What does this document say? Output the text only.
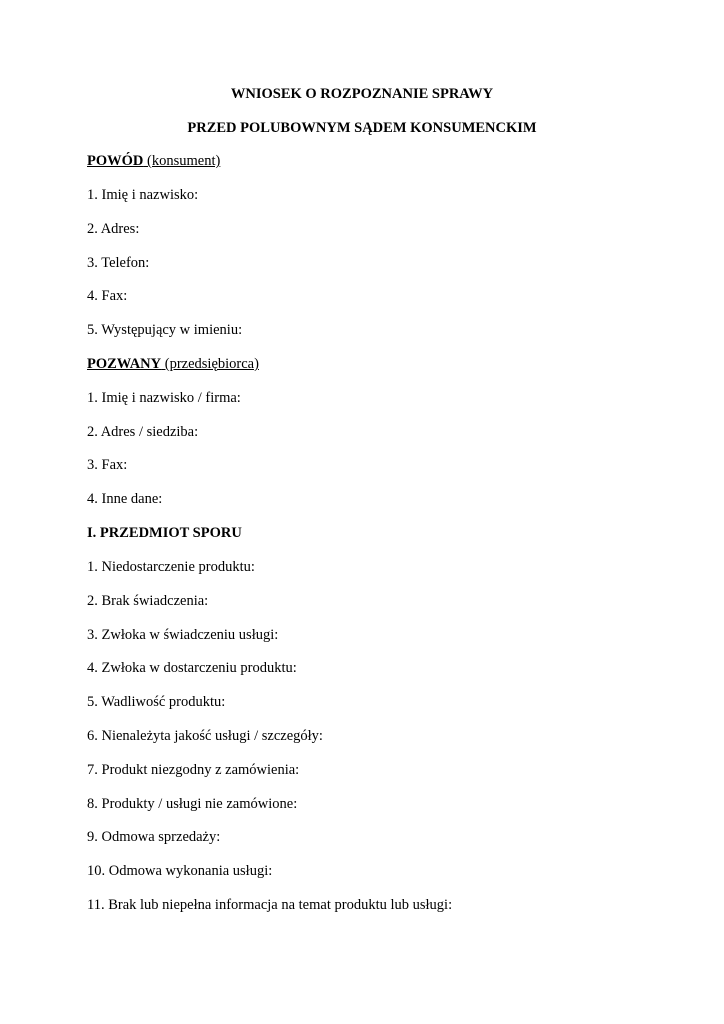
WNIOSEK O ROZPOZNANIE SPRAWY
PRZED POLUBOWNYM SĄDEM KONSUMENCKIM
POWÓD (konsument)
1. Imię i nazwisko:
2. Adres:
3. Telefon:
4. Fax:
5. Występujący w imieniu:
POZWANY (przedsiębiorca)
1. Imię i nazwisko / firma:
2. Adres / siedziba:
3. Fax:
4. Inne dane:
I. PRZEDMIOT SPORU
1. Niedostarczenie produktu:
2. Brak świadczenia:
3. Zwłoka w świadczeniu usługi:
4. Zwłoka w dostarczeniu produktu:
5. Wadliwość produktu:
6. Nienależyta jakość usługi / szczegóły:
7. Produkt niezgodny z zamówienia:
8. Produkty / usługi nie zamówione:
9. Odmowa sprzedaży:
10. Odmowa wykonania usługi:
11. Brak lub niepełna informacja na temat produktu lub usługi:
